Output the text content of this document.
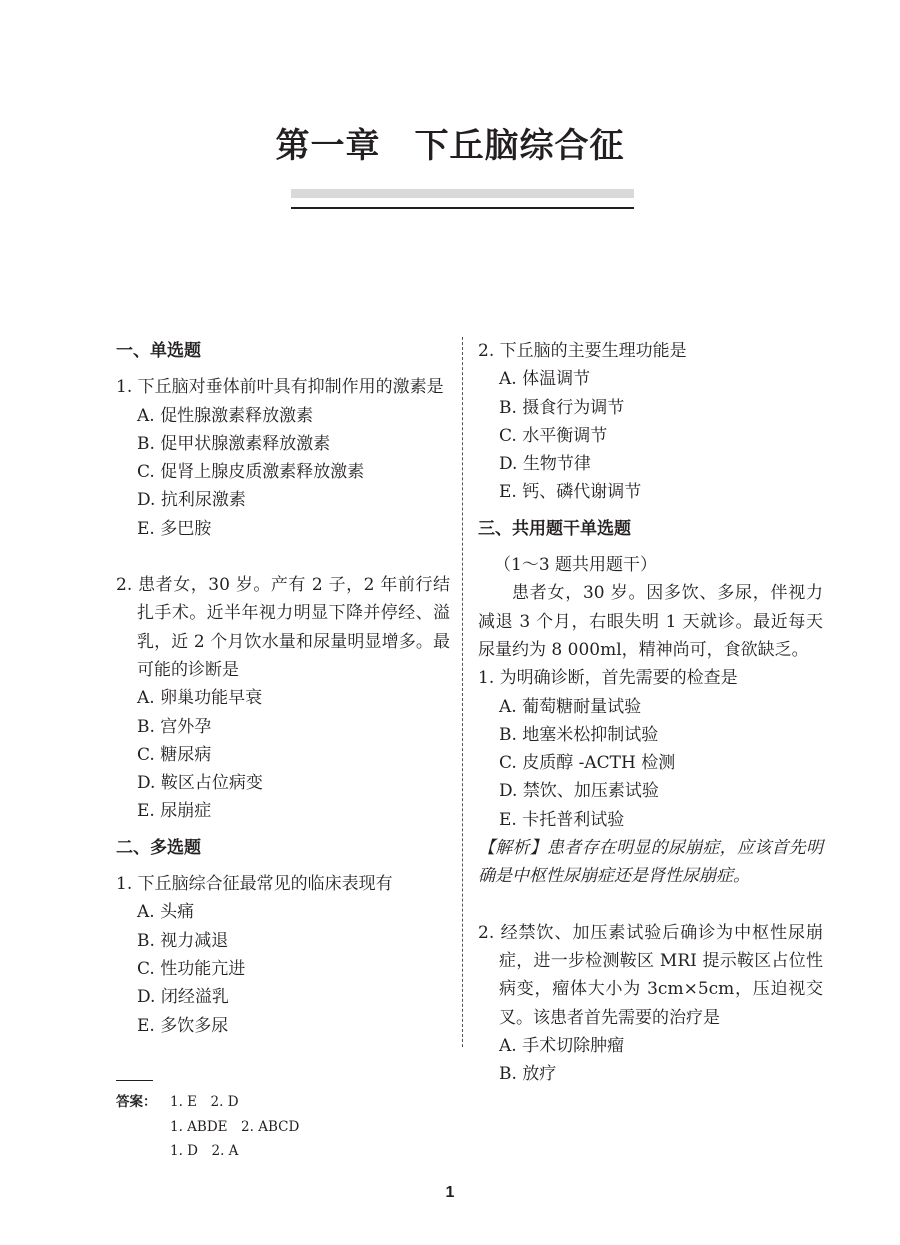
第一章 下丘脑综合征
一、单选题
1. 下丘脑对垂体前叶具有抑制作用的激素是
A. 促性腺激素释放激素
B. 促甲状腺激素释放激素
C. 促肾上腺皮质激素释放激素
D. 抗利尿激素
E. 多巴胺
2. 患者女，30 岁。产有 2 子，2 年前行结扎手术。近半年视力明显下降并停经、溢乳，近 2 个月饮水量和尿量明显增多。最可能的诊断是
A. 卵巢功能早衰
B. 宫外孕
C. 糖尿病
D. 鞍区占位病变
E. 尿崩症
二、多选题
1. 下丘脑综合征最常见的临床表现有
A. 头痛
B. 视力减退
C. 性功能亢进
D. 闭经溢乳
E. 多饮多尿
2. 下丘脑的主要生理功能是
A. 体温调节
B. 摄食行为调节
C. 水平衡调节
D. 生物节律
E. 钙、磷代谢调节
三、共用题干单选题
（1～3 题共用题干）
患者女，30 岁。因多饮、多尿，伴视力减退 3 个月，右眼失明 1 天就诊。最近每天尿量约为 8 000ml，精神尚可，食欲缺乏。
1. 为明确诊断，首先需要的检查是
A. 葡萄糖耐量试验
B. 地塞米松抑制试验
C. 皮质醇 -ACTH 检测
D. 禁饮、加压素试验
E. 卡托普利试验
【解析】患者存在明显的尿崩症，应该首先明确是中枢性尿崩症还是肾性尿崩症。
2. 经禁饮、加压素试验后确诊为中枢性尿崩症，进一步检测鞍区 MRI 提示鞍区占位性病变，瘤体大小为 3cm×5cm，压迫视交叉。该患者首先需要的治疗是
A. 手术切除肿瘤
B. 放疗
答案： 1. E　2. D
1. ABDE　2. ABCD
1. D　2. A
1
